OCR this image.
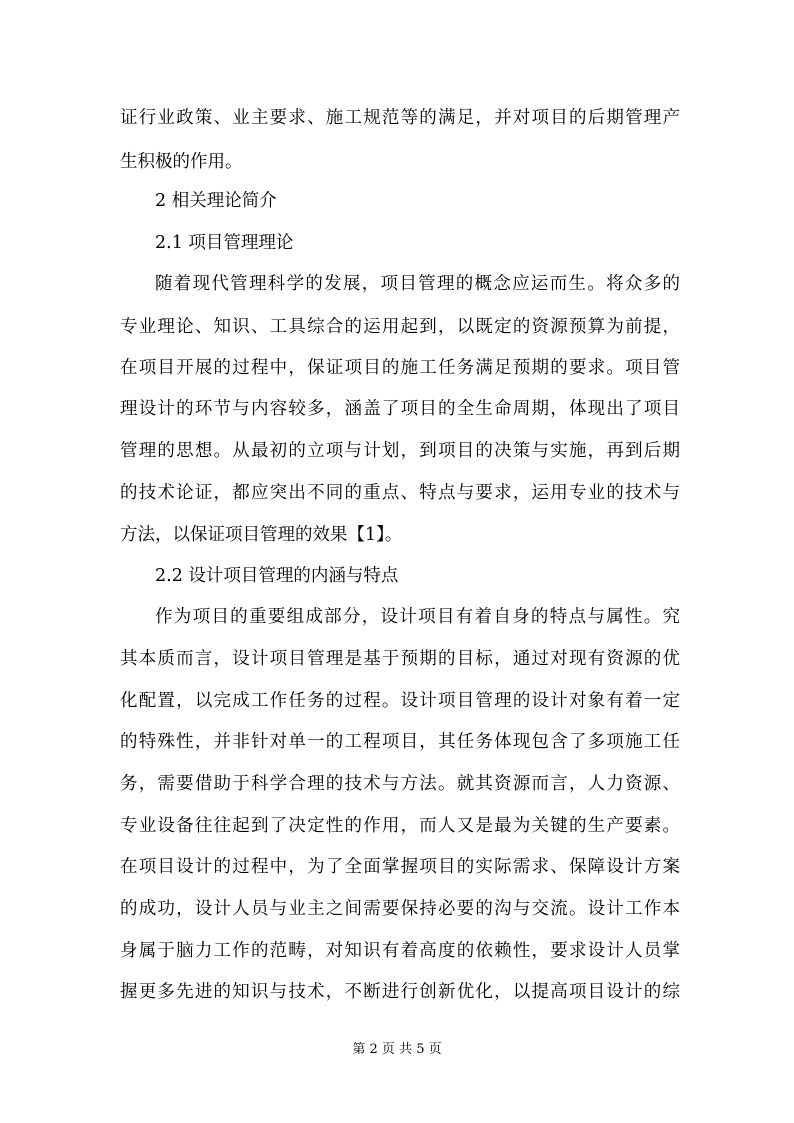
证行业政策、业主要求、施工规范等的满足，并对项目的后期管理产
生积极的作用。
2 相关理论简介
2.1 项目管理理论
随着现代管理科学的发展，项目管理的概念应运而生。将众多的
专业理论、知识、工具综合的运用起到，以既定的资源预算为前提，
在项目开展的过程中，保证项目的施工任务满足预期的要求。项目管
理设计的环节与内容较多，涵盖了项目的全生命周期，体现出了项目
管理的思想。从最初的立项与计划，到项目的决策与实施，再到后期
的技术论证，都应突出不同的重点、特点与要求，运用专业的技术与
方法，以保证项目管理的效果【1】。
2.2 设计项目管理的内涵与特点
作为项目的重要组成部分，设计项目有着自身的特点与属性。究
其本质而言，设计项目管理是基于预期的目标，通过对现有资源的优
化配置，以完成工作任务的过程。设计项目管理的设计对象有着一定
的特殊性，并非针对单一的工程项目，其任务体现包含了多项施工任
务，需要借助于科学合理的技术与方法。就其资源而言，人力资源、
专业设备往往起到了决定性的作用，而人又是最为关键的生产要素。
在项目设计的过程中，为了全面掌握项目的实际需求、保障设计方案
的成功，设计人员与业主之间需要保持必要的沟与交流。设计工作本
身属于脑力工作的范畴，对知识有着高度的依赖性，要求设计人员掌
握更多先进的知识与技术，不断进行创新优化，以提高项目设计的综
第 2 页 共 5 页
